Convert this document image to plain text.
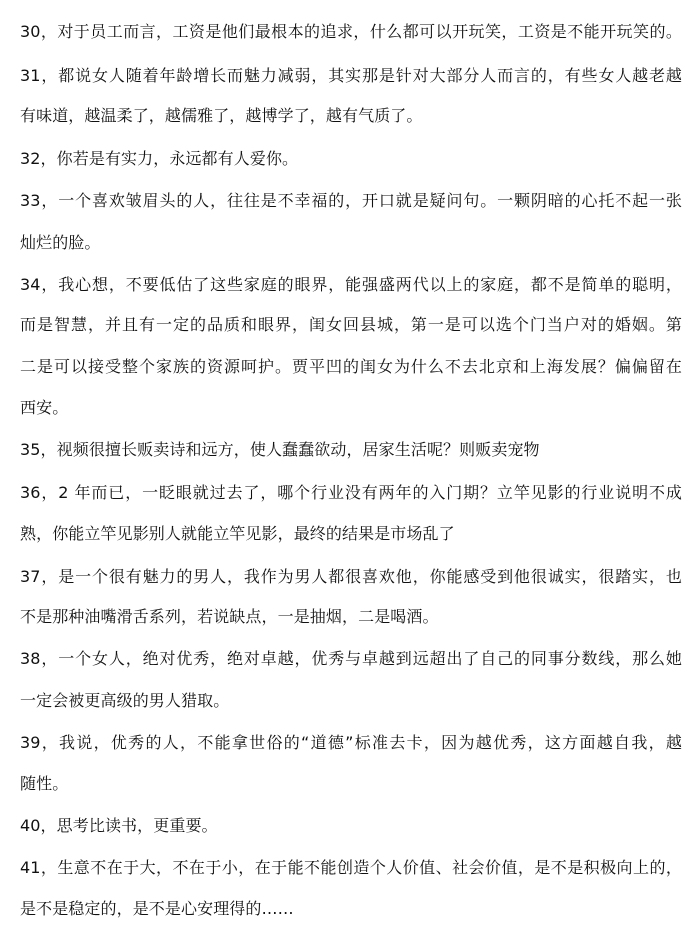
30，对于员工而言，工资是他们最根本的追求，什么都可以开玩笑，工资是不能开玩笑的。
31，都说女人随着年龄增长而魅力减弱，其实那是针对大部分人而言的，有些女人越老越
有味道，越温柔了，越儒雅了，越博学了，越有气质了。
32，你若是有实力，永远都有人爱你。
33，一个喜欢皱眉头的人，往往是不幸福的，开口就是疑问句。一颗阴暗的心托不起一张
灿烂的脸。
34，我心想，不要低估了这些家庭的眼界，能强盛两代以上的家庭，都不是简单的聪明，
而是智慧，并且有一定的品质和眼界，闺女回县城，第一是可以选个门当户对的婚姻。第
二是可以接受整个家族的资源呵护。贾平凹的闺女为什么不去北京和上海发展？偏偏留在
西安。
35，视频很擅长贩卖诗和远方，使人蠢蠢欲动，居家生活呢？则贩卖宠物
36，2 年而已，一眨眼就过去了，哪个行业没有两年的入门期？立竿见影的行业说明不成
熟，你能立竿见影别人就能立竿见影，最终的结果是市场乱了
37，是一个很有魅力的男人，我作为男人都很喜欢他，你能感受到他很诚实，很踏实，也
不是那种油嘴滑舌系列，若说缺点，一是抽烟，二是喝酒。
38，一个女人，绝对优秀，绝对卓越，优秀与卓越到远超出了自己的同事分数线，那么她
一定会被更高级的男人猎取。
39，我说，优秀的人，不能拿世俗的“道德”标准去卡，因为越优秀，这方面越自我，越
随性。
40，思考比读书，更重要。
41，生意不在于大，不在于小，在于能不能创造个人价值、社会价值，是不是积极向上的，
是不是稳定的，是不是心安理得的……
